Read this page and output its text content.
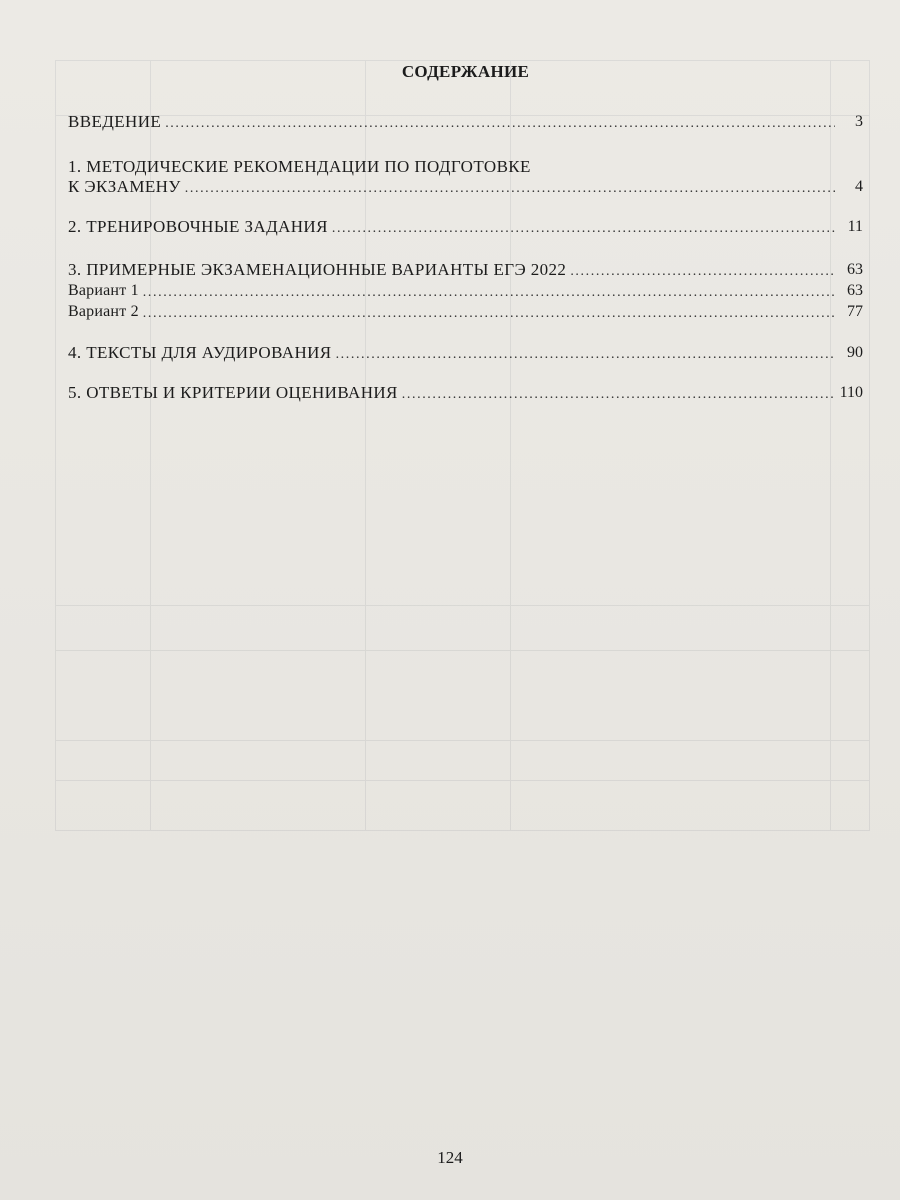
СОДЕРЖАНИЕ
ВВЕДЕНИЕ .....	3
1. МЕТОДИЧЕСКИЕ РЕКОМЕНДАЦИИ ПО ПОДГОТОВКЕ
К ЭКЗАМЕНУ .....	4
2. ТРЕНИРОВОЧНЫЕ ЗАДАНИЯ .....	11
3. ПРИМЕРНЫЕ ЭКЗАМЕНАЦИОННЫЕ ВАРИАНТЫ ЕГЭ 2022 .....	63
Вариант 1 .....	63
Вариант 2 .....	77
4. ТЕКСТЫ ДЛЯ АУДИРОВАНИЯ .....	90
5. ОТВЕТЫ И КРИТЕРИИ ОЦЕНИВАНИЯ .....	110
124
